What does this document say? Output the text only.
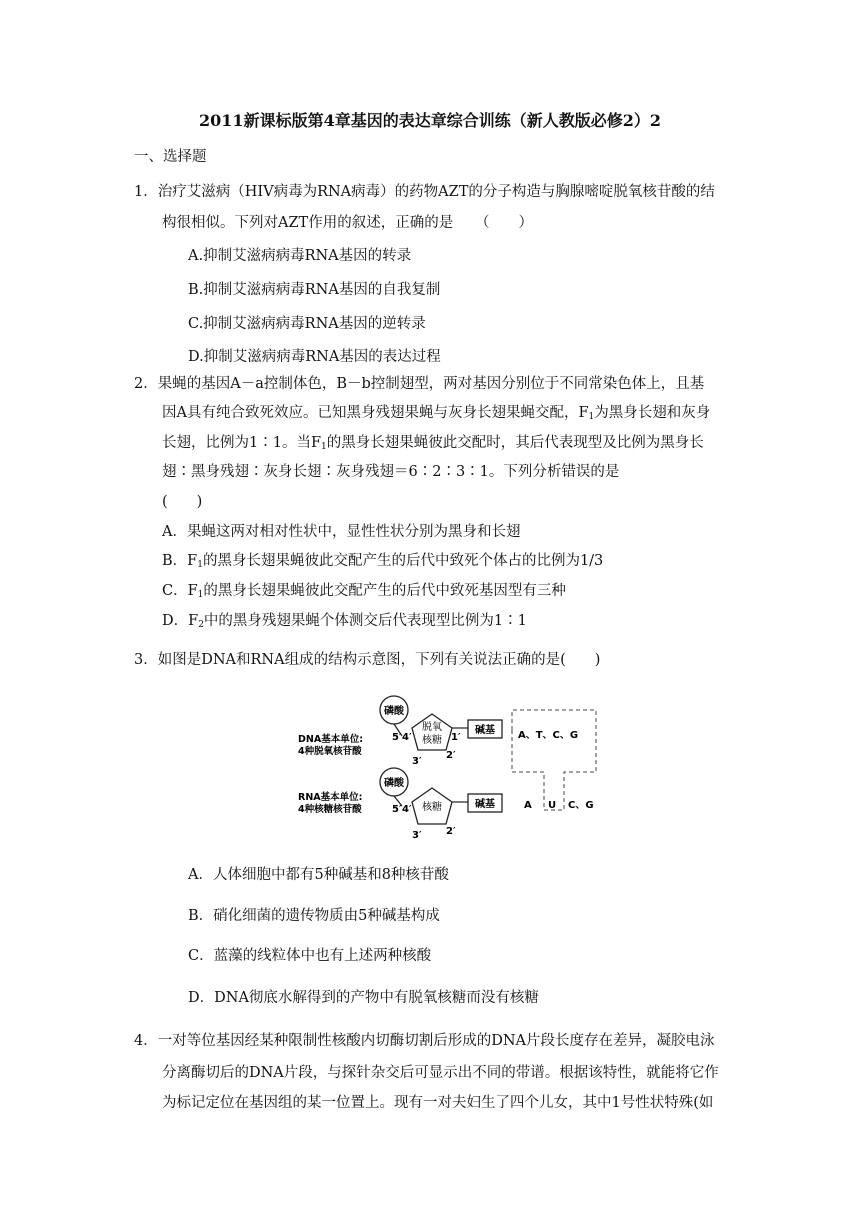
2011新课标版第4章基因的表达章综合训练（新人教版必修2）2
一、选择题
1．治疗艾滋病（HIV病毒为RNA病毒）的药物AZT的分子构造与胸腺嘧啶脱氧核苷酸的结
构很相似。下列对AZT作用的叙述，正确的是　　（　　）
A.抑制艾滋病病毒RNA基因的转录
B.抑制艾滋病病毒RNA基因的自我复制
C.抑制艾滋病病毒RNA基因的逆转录
D.抑制艾滋病病毒RNA基因的表达过程
2．果蝇的基因A－a控制体色，B－b控制翅型，两对基因分别位于不同常染色体上，且基
因A具有纯合致死效应。已知黑身残翅果蝇与灰身长翅果蝇交配，$F_1$为黑身长翅和灰身
长翅，比例为1∶1。当$F_1$的黑身长翅果蝇彼此交配时，其后代表现型及比例为黑身长
翅∶黑身残翅∶灰身长翅∶灰身残翅＝6∶2∶3∶1。下列分析错误的是
(　　)
A．果蝇这两对相对性状中，显性性状分别为黑身和长翅
B．$F_1$的黑身长翅果蝇彼此交配产生的后代中致死个体占的比例为1/3
C．$F_1$的黑身长翅果蝇彼此交配产生的后代中致死基因型有三种
D．$F_2$中的黑身残翅果蝇个体测交后代表现型比例为1∶1
3．如图是DNA和RNA组成的结构示意图，下列有关说法正确的是(　　)
磷酸
脱氧
核糖
碱基
5′ 4′	1′
3′
2′
DNA基本单位:
4种脱氧核苷酸
磷酸
核糖	碱基
5′ 4′
3′ 2′
RNA基本单位:
4种核糖核苷酸
A、T、C、G
A U C、G
A．人体细胞中都有5种碱基和8种核苷酸
B．硝化细菌的遗传物质由5种碱基构成
C．蓝藻的线粒体中也有上述两种核酸
D．DNA彻底水解得到的产物中有脱氧核糖而没有核糖
4．一对等位基因经某种限制性核酸内切酶切割后形成的DNA片段长度存在差异，凝胶电泳
分离酶切后的DNA片段，与探针杂交后可显示出不同的带谱。根据该特性，就能将它作
为标记定位在基因组的某一位置上。现有一对夫妇生了四个儿女，其中1号性状特殊(如
